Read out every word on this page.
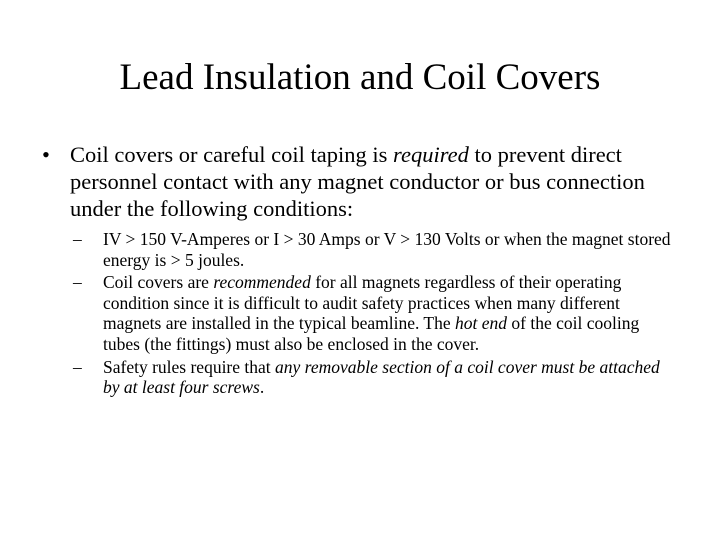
Lead Insulation and Coil Covers
• Coil covers or careful coil taping is required to prevent direct personnel contact with any magnet conductor or bus connection under the following conditions:
–	IV > 150 V-Amperes or I > 30 Amps or V > 130 Volts or when the magnet stored energy is > 5 joules.
–	Coil covers are recommended for all magnets regardless of their operating condition since it is difficult to audit safety practices when many different magnets are installed in the typical beamline. The hot end of the coil cooling tubes (the fittings) must also be enclosed in the cover.
–	Safety rules require that any removable section of a coil cover must be attached by at least four screws.
